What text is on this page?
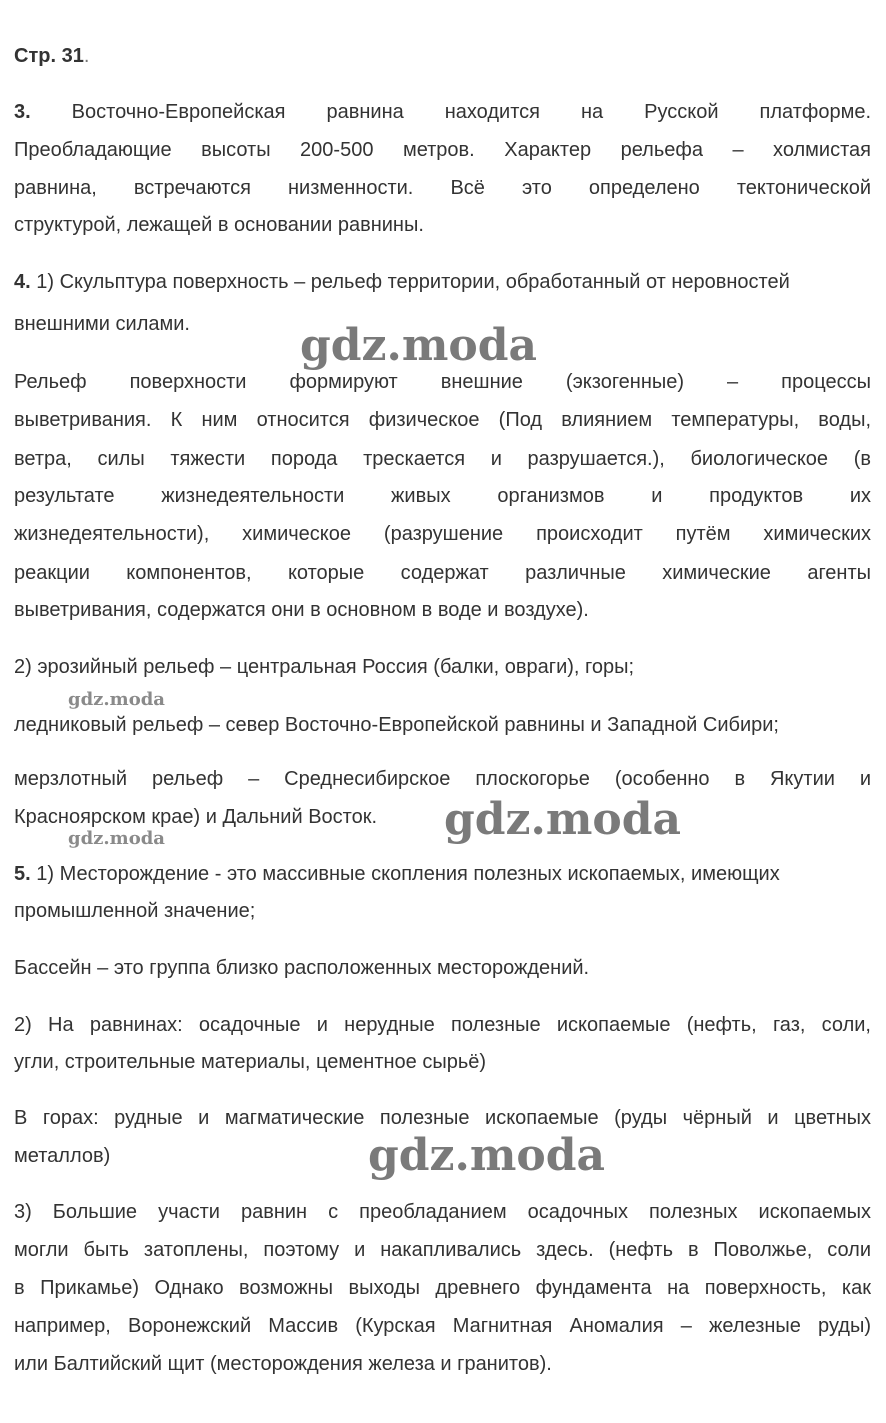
Стр. 31.
3. Восточно-Европейская равнина находится на Русской платформе.
Преобладающие высоты 200-500 метров. Характер рельефа – холмистая
равнина, встречаются низменности. Всё это определено тектонической
структурой, лежащей в основании равнины.
4. 1) Скульптура поверхность – рельеф территории, обработанный от неровностей
внешними силами.
Рельеф поверхности формируют внешние (экзогенные) – процессы
выветривания. К ним относится физическое (Под влиянием температуры, воды,
ветра, силы тяжести порода трескается и разрушается.), биологическое (в
результате жизнедеятельности живых организмов и продуктов их
жизнедеятельности), химическое (разрушение происходит путём химических
реакции компонентов, которые содержат различные химические агенты
выветривания, содержатся они в основном в воде и воздухе).
2) эрозийный рельеф – центральная Россия (балки, овраги), горы;
ледниковый рельеф – север Восточно-Европейской равнины и Западной Сибири;
мерзлотный рельеф – Среднесибирское плоскогорье (особенно в Якутии и
Красноярском крае) и Дальний Восток.
5. 1) Месторождение - это массивные скопления полезных ископаемых, имеющих
промышленной значение;
Бассейн – это группа близко расположенных месторождений.
2) На равнинах: осадочные и нерудные полезные ископаемые (нефть, газ, соли,
угли, строительные материалы, цементное сырьё)
В горах: рудные и магматические полезные ископаемые (руды чёрный и цветных
металлов)
3) Большие участи равнин с преобладанием осадочных полезных ископаемых
могли быть затоплены, поэтому и накапливались здесь. (нефть в Поволжье, соли
в Прикамье) Однако возможны выходы древнего фундамента на поверхность, как
например, Воронежский Массив (Курская Магнитная Аномалия – железные руды)
или Балтийский щит (месторождения железа и гранитов).
gdz.moda
gdz.moda
gdz.moda
gdz.moda
gdz.moda
